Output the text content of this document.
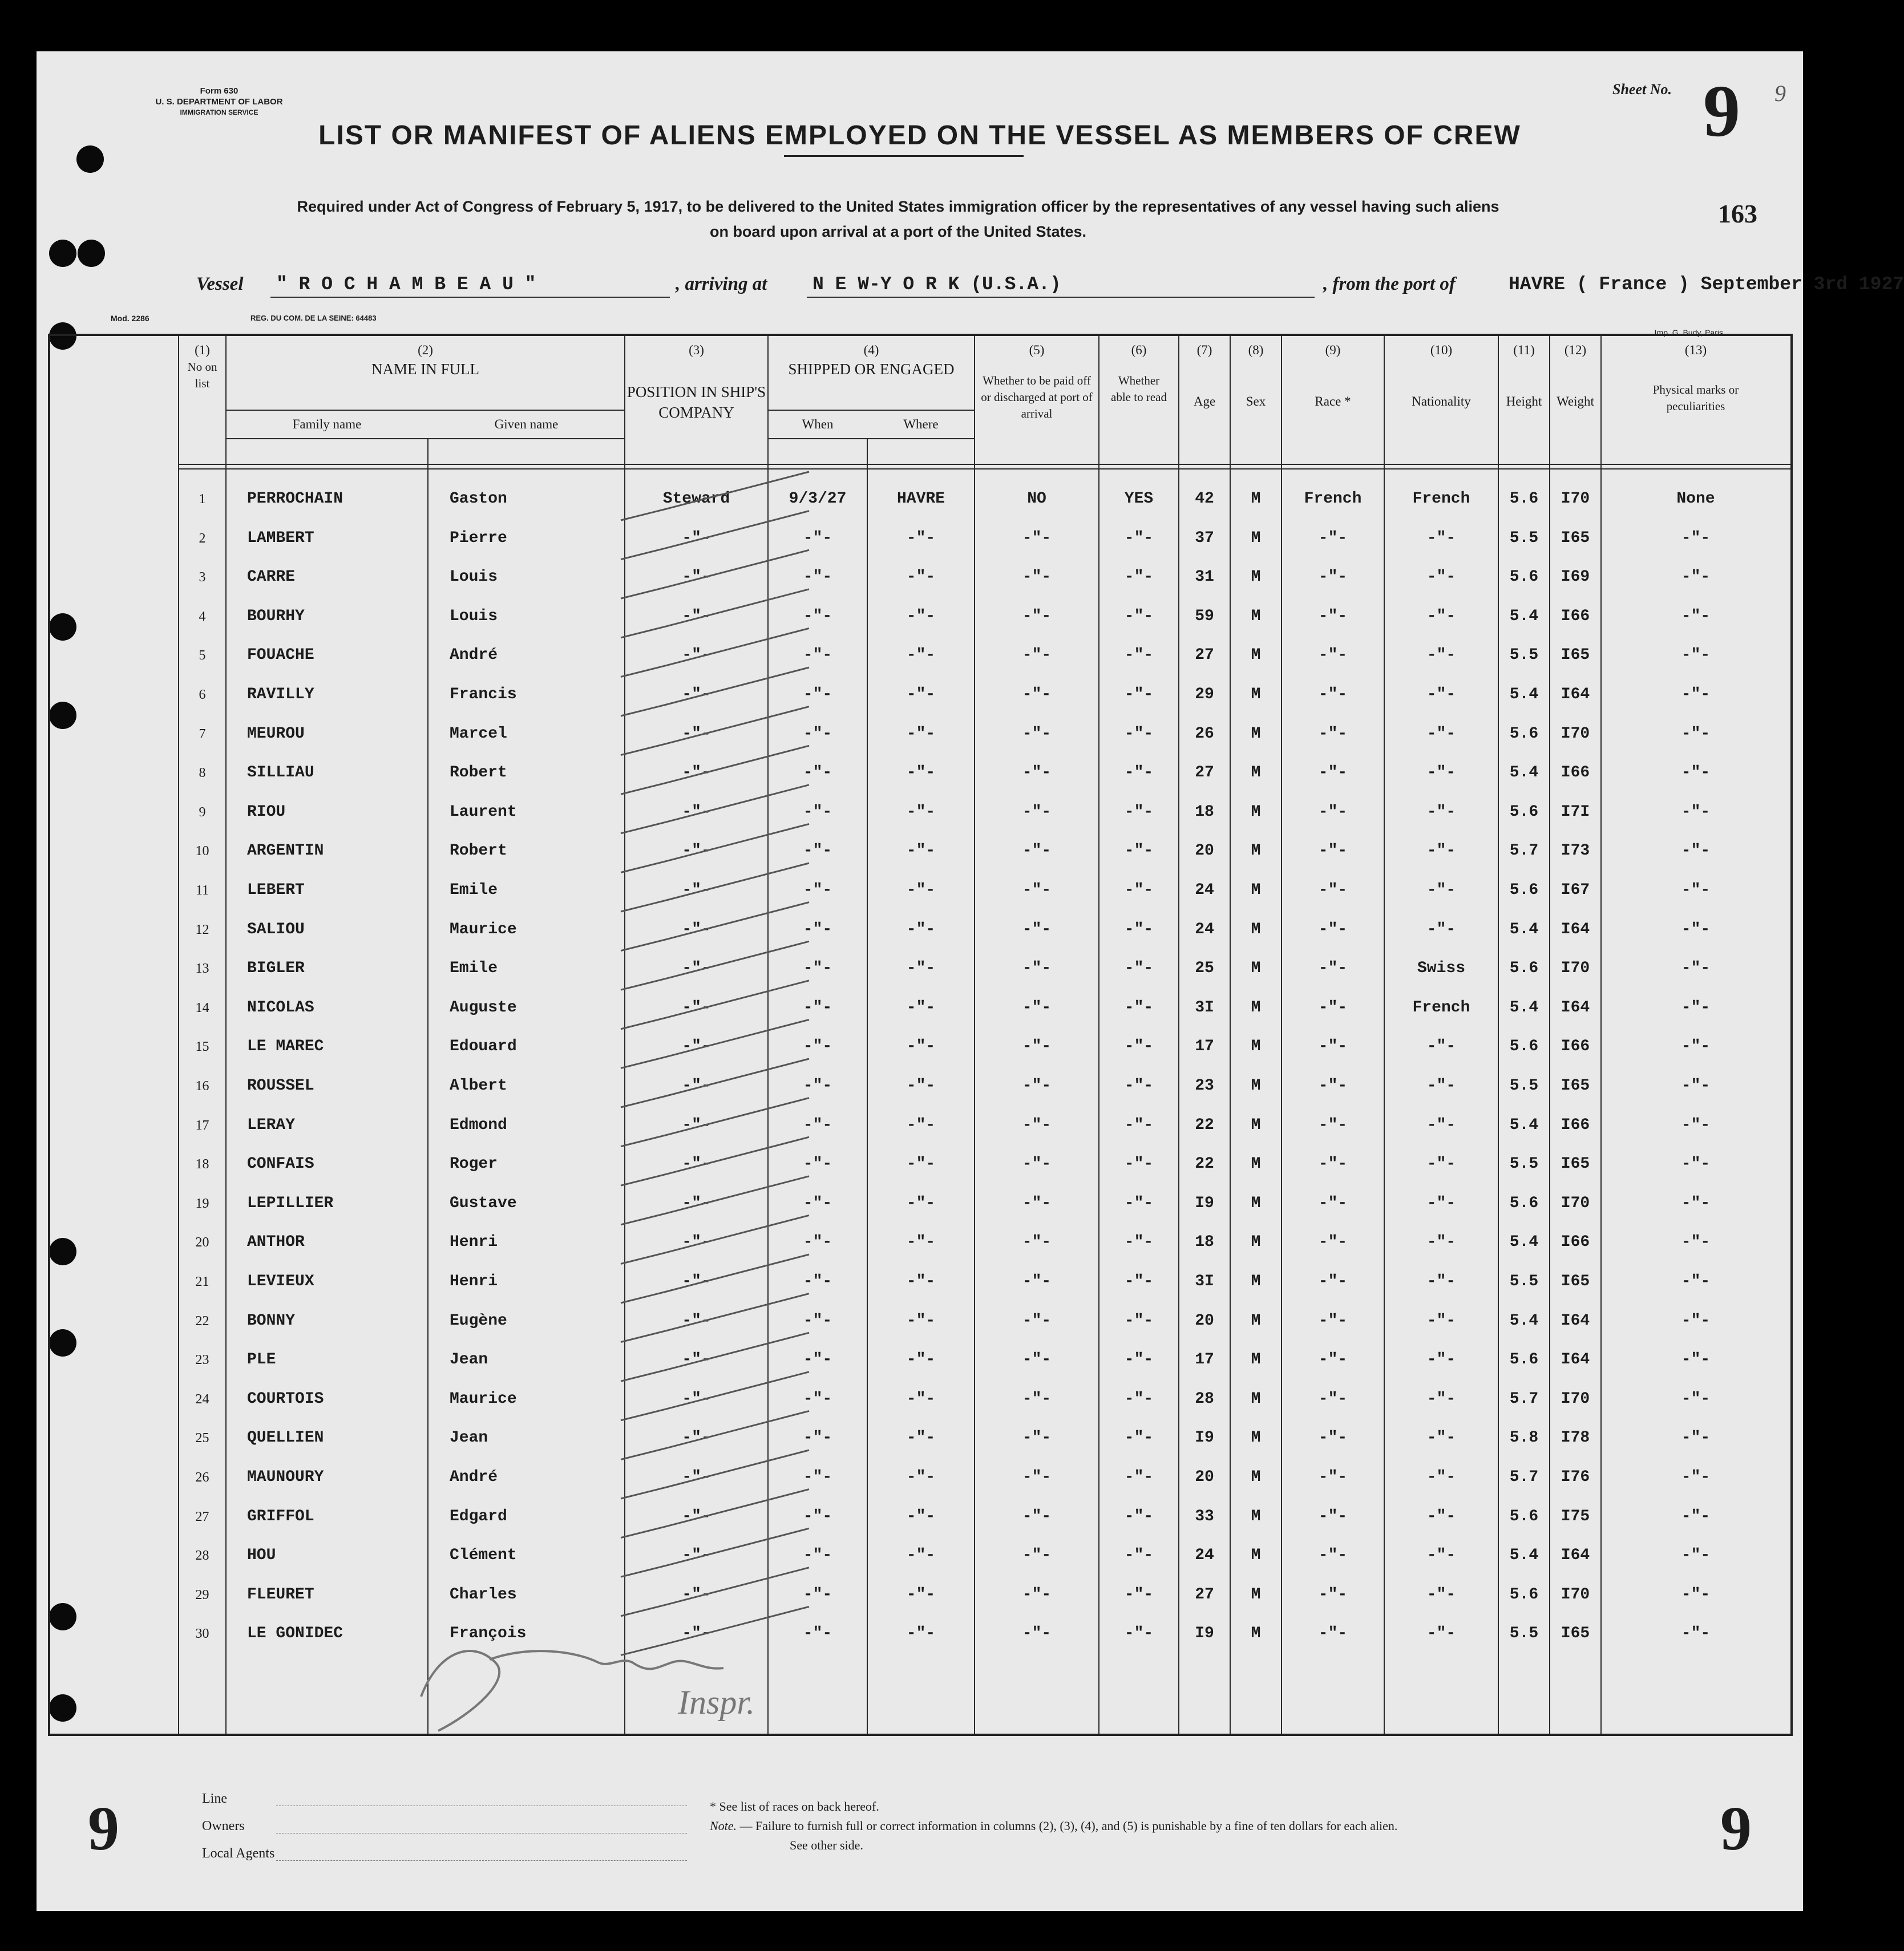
Form 630
U. S. DEPARTMENT OF LABOR
IMMIGRATION SERVICE
Sheet No. 9 9
LIST OR MANIFEST OF ALIENS EMPLOYED ON THE VESSEL AS MEMBERS OF CREW
Required under Act of Congress of February 5, 1917, to be delivered to the United States immigration officer by the representatives of any vessel having such aliens
on board upon arrival at a port of the United States.
163
Vessel " R O C H A M B E A U "	, arriving at N E W-Y O R K (U.S.A.)	, from the port of	HAVRE ( France ) September 3rd 1927
Mod. 2286	REG. DU COM. DE LA SEINE: 64483
Imp. G. Budy, Paris
(1)
No on list
(2)
NAME IN FULL
Family name	Given name
(3)
POSITION IN SHIP'S COMPANY
(4)
SHIPPED OR ENGAGED
When	Where
(5)
Whether to be paid off or discharged at port of arrival
(6)
Whether able to read
(7)
Age
(8)
Sex
(9)
Race *
(10)
Nationality
(11)
Height
(12)
Weight
(13)
Physical marks or peculiarities
1	PERROCHAIN	Gaston	Steward	9/3/27	HAVRE	NO	YES	42	M	French	French	5.6	I70	None
2	LAMBERT	Pierre	-"-	-"-	-"-	-"-	-"-	37	M	-"-	-"-	5.5	I65	-"-
3	CARRE	Louis	-"-	-"-	-"-	-"-	-"-	31	M	-"-	-"-	5.6	I69	-"-
4	BOURHY	Louis	-"-	-"-	-"-	-"-	-"-	59	M	-"-	-"-	5.4	I66	-"-
5	FOUACHE	André	-"-	-"-	-"-	-"-	-"-	27	M	-"-	-"-	5.5	I65	-"-
6	RAVILLY	Francis	-"-	-"-	-"-	-"-	-"-	29	M	-"-	-"-	5.4	I64	-"-
7	MEUROU	Marcel	-"-	-"-	-"-	-"-	-"-	26	M	-"-	-"-	5.6	I70	-"-
8	SILLIAU	Robert	-"-	-"-	-"-	-"-	-"-	27	M	-"-	-"-	5.4	I66	-"-
9	RIOU	Laurent	-"-	-"-	-"-	-"-	-"-	18	M	-"-	-"-	5.6	I7I	-"-
10	ARGENTIN	Robert	-"-	-"-	-"-	-"-	-"-	20	M	-"-	-"-	5.7	I73	-"-
11	LEBERT	Emile	-"-	-"-	-"-	-"-	-"-	24	M	-"-	-"-	5.6	I67	-"-
12	SALIOU	Maurice	-"-	-"-	-"-	-"-	-"-	24	M	-"-	-"-	5.4	I64	-"-
13	BIGLER	Emile	-"-	-"-	-"-	-"-	-"-	25	M	-"-	Swiss	5.6	I70	-"-
14	NICOLAS	Auguste	-"-	-"-	-"-	-"-	-"-	3I	M	-"-	French	5.4	I64	-"-
15	LE MAREC	Edouard	-"-	-"-	-"-	-"-	-"-	17	M	-"-	-"-	5.6	I66	-"-
16	ROUSSEL	Albert	-"-	-"-	-"-	-"-	-"-	23	M	-"-	-"-	5.5	I65	-"-
17	LERAY	Edmond	-"-	-"-	-"-	-"-	-"-	22	M	-"-	-"-	5.4	I66	-"-
18	CONFAIS	Roger	-"-	-"-	-"-	-"-	-"-	22	M	-"-	-"-	5.5	I65	-"-
19	LEPILLIER	Gustave	-"-	-"-	-"-	-"-	-"-	I9	M	-"-	-"-	5.6	I70	-"-
20	ANTHOR	Henri	-"-	-"-	-"-	-"-	-"-	18	M	-"-	-"-	5.4	I66	-"-
21	LEVIEUX	Henri	-"-	-"-	-"-	-"-	-"-	3I	M	-"-	-"-	5.5	I65	-"-
22	BONNY	Eugène	-"-	-"-	-"-	-"-	-"-	20	M	-"-	-"-	5.4	I64	-"-
23	PLE	Jean	-"-	-"-	-"-	-"-	-"-	17	M	-"-	-"-	5.6	I64	-"-
24	COURTOIS	Maurice	-"-	-"-	-"-	-"-	-"-	28	M	-"-	-"-	5.7	I70	-"-
25	QUELLIEN	Jean	-"-	-"-	-"-	-"-	-"-	I9	M	-"-	-"-	5.8	I78	-"-
26	MAUNOURY	André	-"-	-"-	-"-	-"-	-"-	20	M	-"-	-"-	5.7	I76	-"-
27	GRIFFOL	Edgard	-"-	-"-	-"-	-"-	-"-	33	M	-"-	-"-	5.6	I75	-"-
28	HOU	Clément	-"-	-"-	-"-	-"-	-"-	24	M	-"-	-"-	5.4	I64	-"-
29	FLEURET	Charles	-"-	-"-	-"-	-"-	-"-	27	M	-"-	-"-	5.6	I70	-"-
30	LE GONIDEC	François	-"-	-"-	-"-	-"-	-"-	I9	M	-"-	-"-	5.5	I65	-"-
Inspr.
Line
Owners
Local Agents
* See list of races on back hereof.
Note. — Failure to furnish full or correct information in columns (2), (3), (4), and (5) is punishable by a fine of ten dollars for each alien.
See other side.
9	9
